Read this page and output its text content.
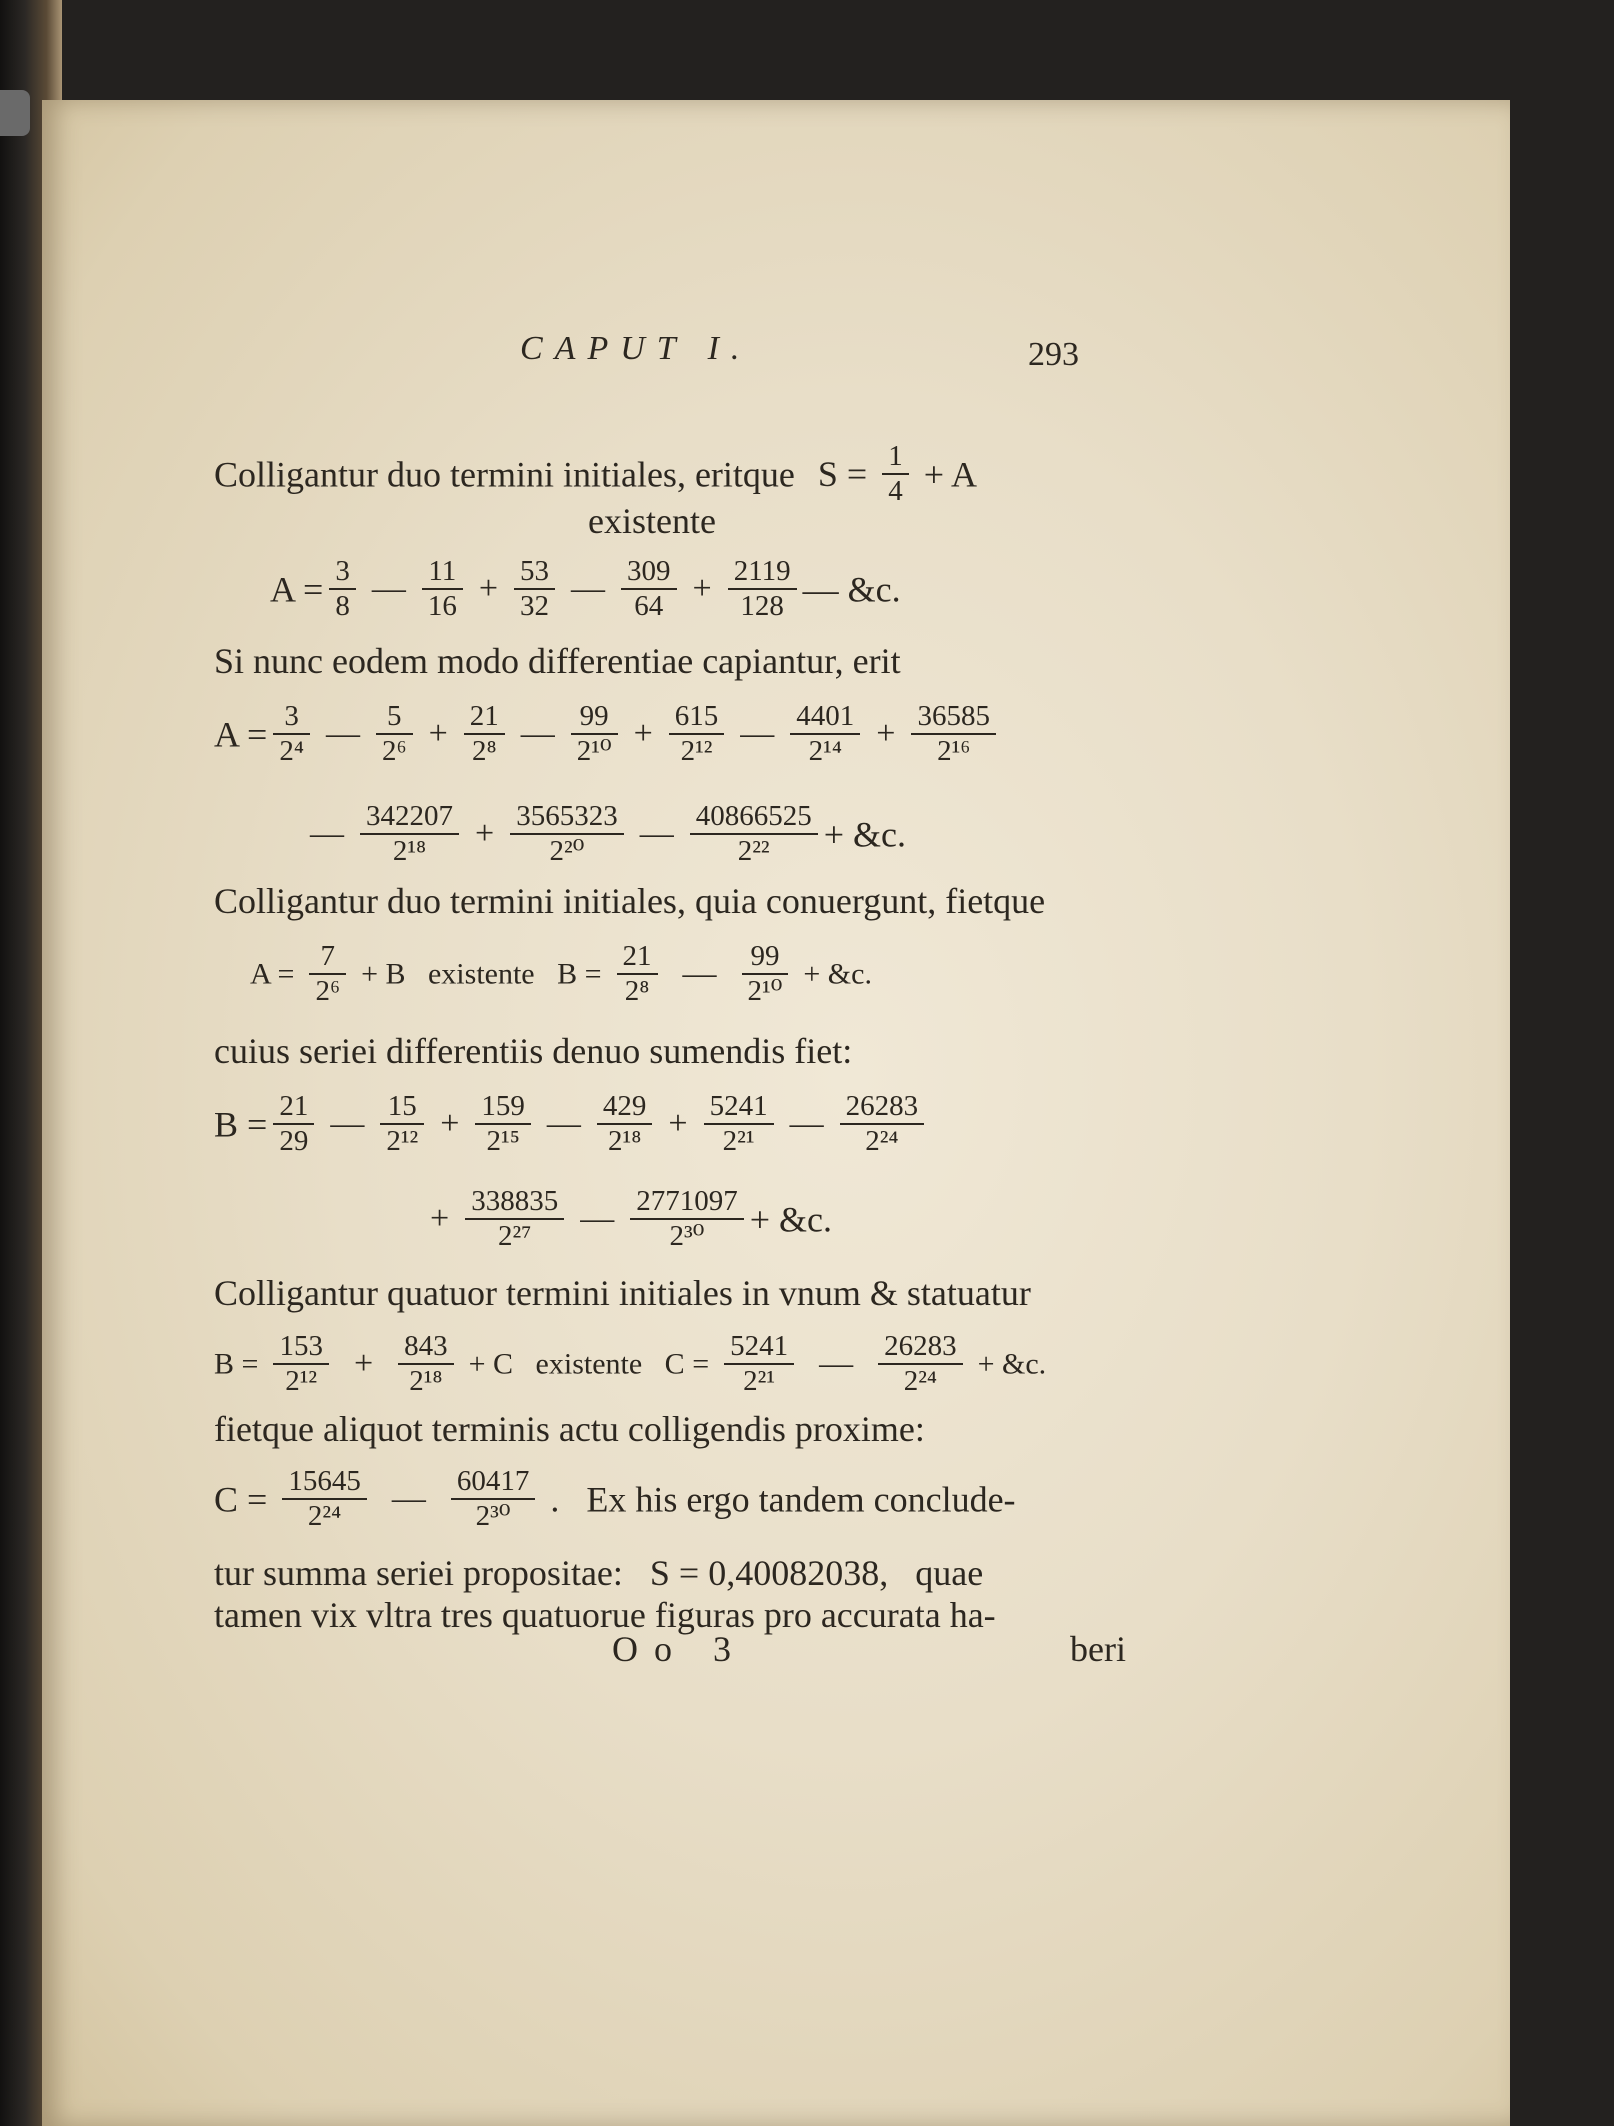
CAPUT I.	293
Colligantur duo termini initiales, eritque $S = \frac{1}{4} + A$
existente
$A = \frac{3}{8}$ — $\frac{11}{16} + \frac{53}{32}$ — $\frac{309}{64} + \frac{2119}{128}$ — &c.
Si nunc eodem modo differentiae capiantur, erit
$A = \frac{3}{\text{2⁴}}$ — $\frac{5}{\text{2⁶}} + \frac{21}{\text{2⁸}}$ — $\frac{99}{\text{2¹⁰}} + \frac{615}{\text{2¹²}}$ — $\frac{4401}{\text{2¹⁴}} + \frac{36585}{\text{2¹⁶}}$
— $\frac{342207}{\text{2¹⁸}} + \frac{3565323}{\text{2²⁰}}$ — $\frac{40866525}{\text{2²²}}$ + &c.
Colligantur duo termini initiales, quia conuergunt, fietque
$A = \frac{7}{\text{2⁶}} + B$   existente   $B = \frac{21}{\text{2⁸}}$ — $\frac{99}{\text{2¹⁰}}$ + &c.
cuius seriei differentiis denuo sumendis fiet:
$B = \frac{21}{29}$ — $\frac{15}{\text{2¹²}} + \frac{159}{\text{2¹⁵}}$ — $\frac{429}{\text{2¹⁸}} + \frac{5241}{\text{2²¹}}$ — $\frac{26283}{\text{2²⁴}}$
+ $\frac{338835}{\text{2²⁷}}$ — $\frac{2771097}{\text{2³⁰}}$ + &c.
Colligantur quatuor termini initiales in vnum & statuatur
$B = \frac{153}{\text{2¹²}} + \frac{843}{\text{2¹⁸}} + C$   existente   $C = \frac{5241}{\text{2²¹}}$ — $\frac{26283}{\text{2²⁴}}$ + &c.
fietque aliquot terminis actu colligendis proxime:
$C = \frac{15645}{\text{2²⁴}}$ — $\frac{60417}{\text{2³⁰}}$ .   Ex his ergo tandem conclude-
tur summa seriei propositae:   S = 0,40082038,   quae
tamen vix vltra tres quatuorue figuras pro accurata ha-
Oo 3	beri
